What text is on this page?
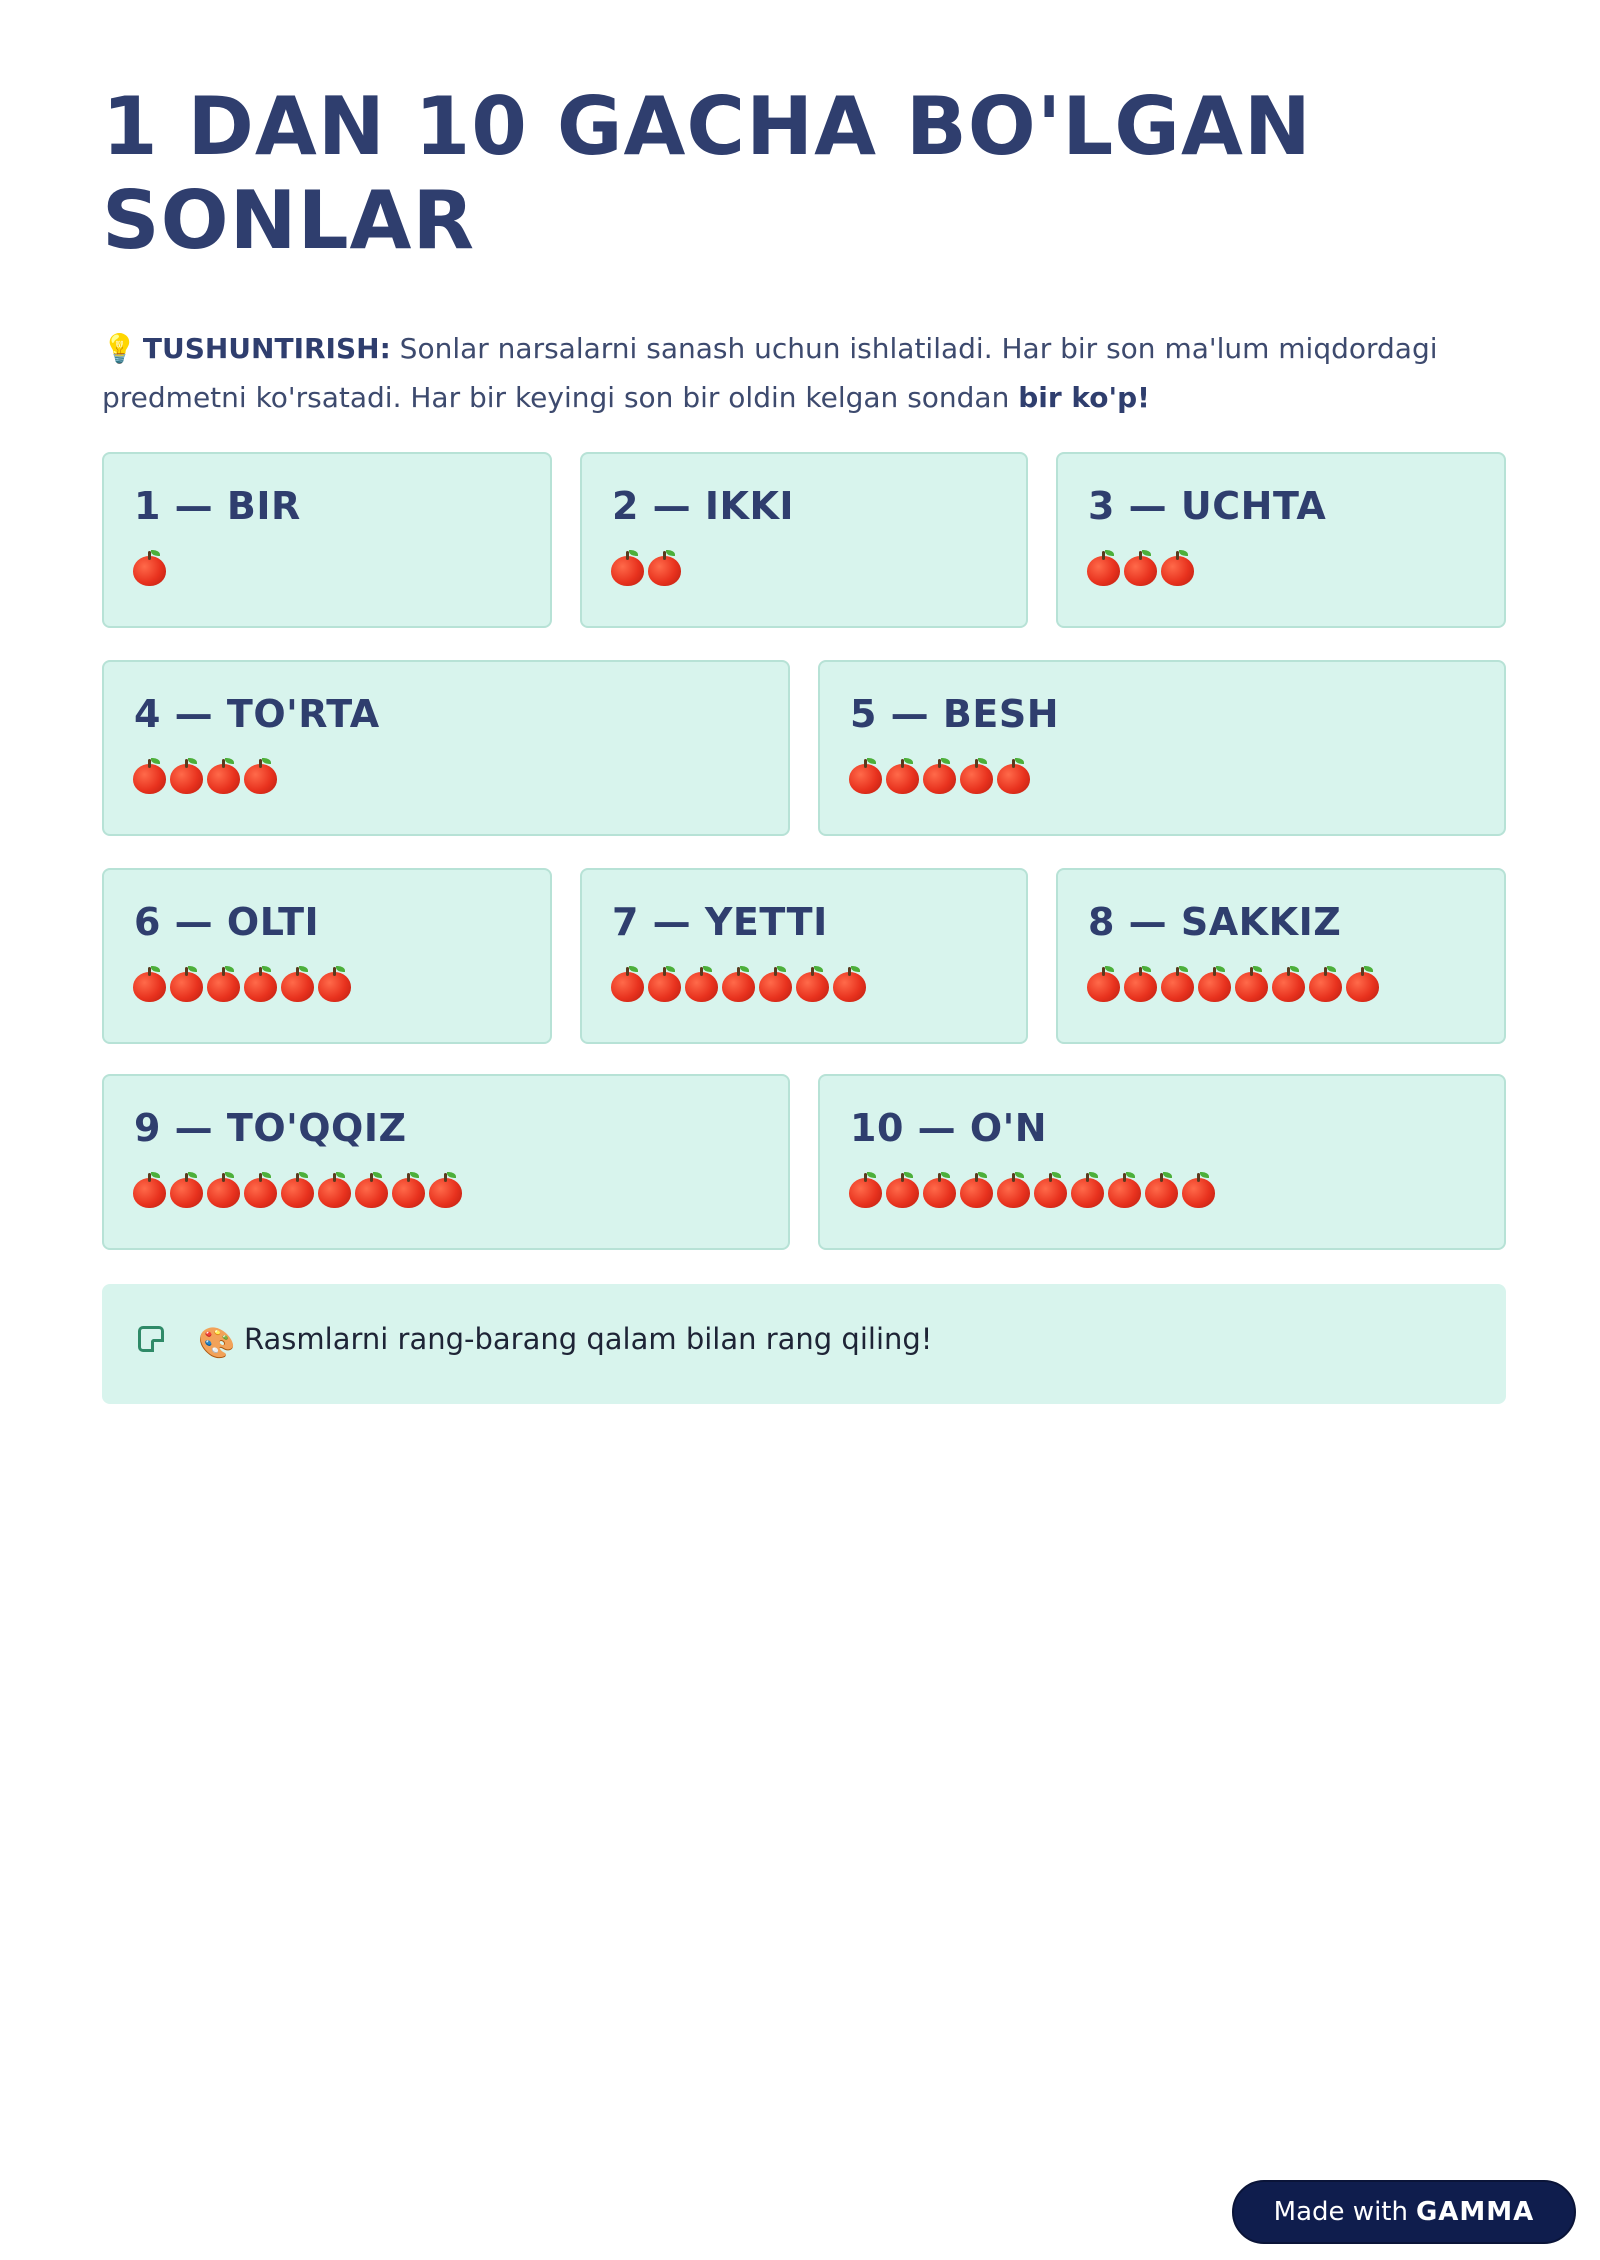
1 DAN 10 GACHA BO'LGAN SONLAR

💡 TUSHUNTIRISH: Sonlar narsalarni sanash uchun ishlatiladi. Har bir son ma'lum miqdordagi predmetni ko'rsatadi. Har bir keyingi son bir oldin kelgan sondan bir ko'p!

1 — BIR	2 — IKKI	3 — UCHTA
4 — TO'RTA	5 — BESH
6 — OLTI	7 — YETTI	8 — SAKKIZ
9 — TO'QQIZ	10 — O'N
🎨 Rasmlarni rang-barang qalam bilan rang qiling!
Made with GAMMA
